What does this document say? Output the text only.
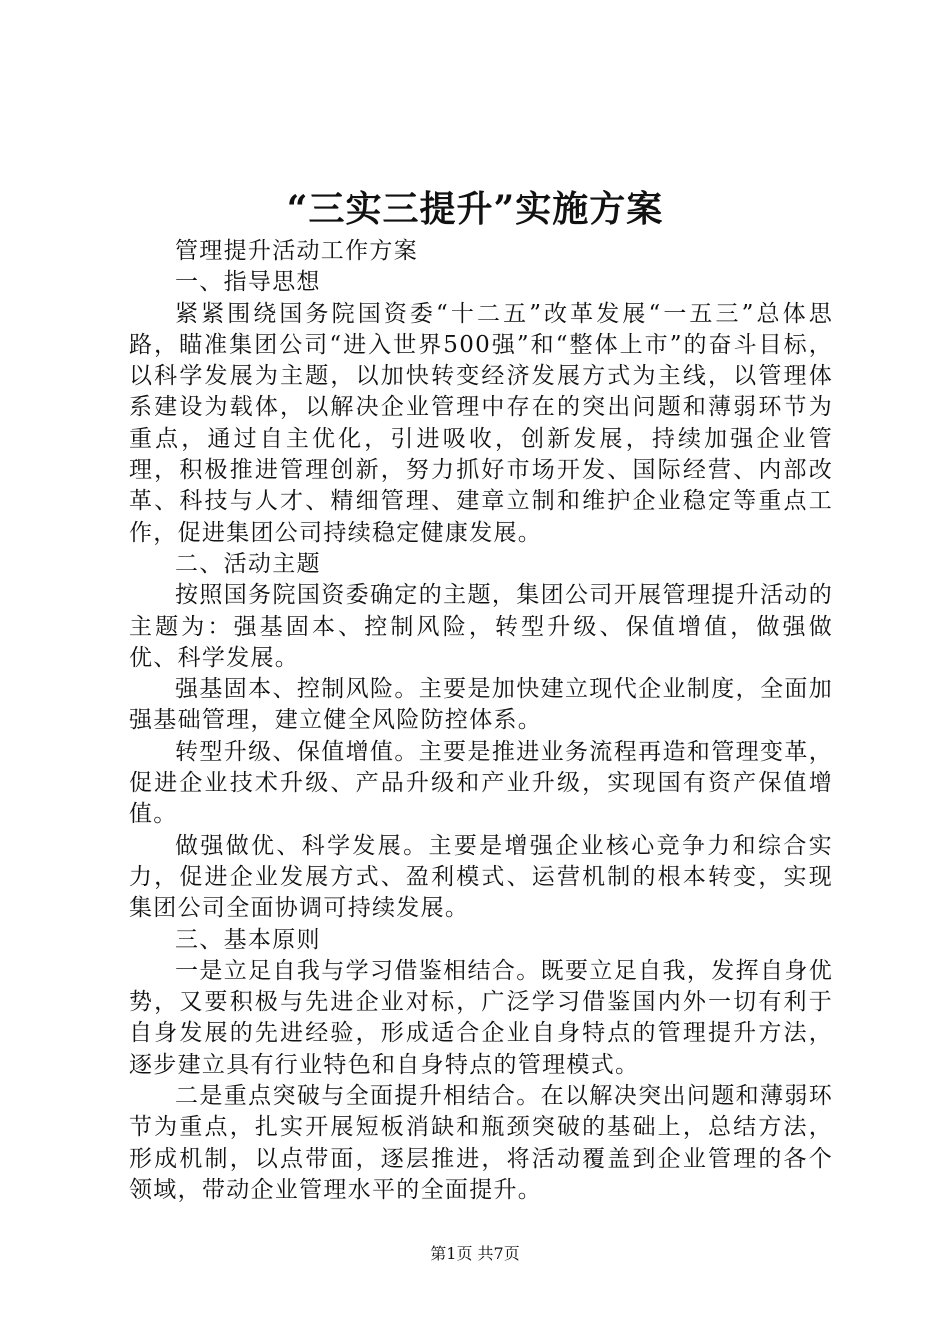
“三实三提升”实施方案

管理提升活动工作方案

一、指导思想

紧紧围绕国务院国资委“十二五”改革发展“一五三”总体思路，瞄准集团公司“进入世界500强”和“整体上市”的奋斗目标，以科学发展为主题，以加快转变经济发展方式为主线，以管理体系建设为载体，以解决企业管理中存在的突出问题和薄弱环节为重点，通过自主优化，引进吸收，创新发展，持续加强企业管理，积极推进管理创新，努力抓好市场开发、国际经营、内部改革、科技与人才、精细管理、建章立制和维护企业稳定等重点工作，促进集团公司持续稳定健康发展。

二、活动主题

按照国务院国资委确定的主题，集团公司开展管理提升活动的主题为：强基固本、控制风险，转型升级、保值增值，做强做优、科学发展。

强基固本、控制风险。主要是加快建立现代企业制度，全面加强基础管理，建立健全风险防控体系。

转型升级、保值增值。主要是推进业务流程再造和管理变革，促进企业技术升级、产品升级和产业升级，实现国有资产保值增值。

做强做优、科学发展。主要是增强企业核心竞争力和综合实力，促进企业发展方式、盈利模式、运营机制的根本转变，实现集团公司全面协调可持续发展。

三、基本原则

一是立足自我与学习借鉴相结合。既要立足自我，发挥自身优势，又要积极与先进企业对标，广泛学习借鉴国内外一切有利于自身发展的先进经验，形成适合企业自身特点的管理提升方法，逐步建立具有行业特色和自身特点的管理模式。

二是重点突破与全面提升相结合。在以解决突出问题和薄弱环节为重点，扎实开展短板消缺和瓶颈突破的基础上，总结方法，形成机制，以点带面，逐层推进，将活动覆盖到企业管理的各个领域，带动企业管理水平的全面提升。

第1页 共7页
